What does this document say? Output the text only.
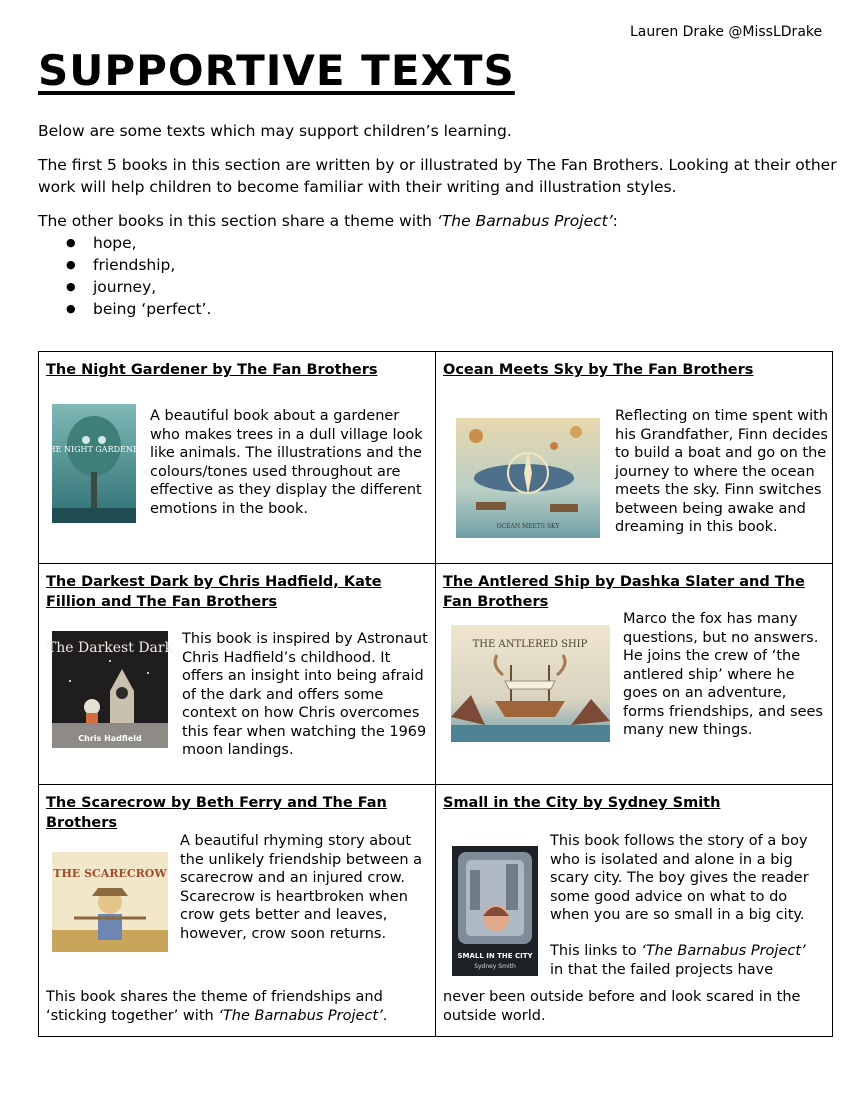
Lauren Drake @MissLDrake
SUPPORTIVE TEXTS

Below are some texts which may support children’s learning.

The first 5 books in this section are written by or illustrated by The Fan Brothers. Looking at their other work will help children to become familiar with their writing and illustration styles.

The other books in this section share a theme with ‘The Barnabus Project’:

● hope,
● friendship,
● journey,
● being ‘perfect’.
The Night Gardener by The Fan Brothers
THE NIGHT GARDENER
A beautiful book about a gardener who makes trees in a dull village look like animals. The illustrations and the colours/tones used throughout are effective as they display the different emotions in the book.
Ocean Meets Sky by The Fan Brothers
OCEAN MEETS SKY
Reflecting on time spent with his Grandfather, Finn decides to build a boat and go on the journey to where the ocean meets the sky. Finn switches between being awake and dreaming in this book.
The Darkest Dark by Chris Hadfield, Kate Fillion and The Fan Brothers
The Darkest Dark
Chris Hadfield
This book is inspired by Astronaut Chris Hadfield’s childhood. It offers an insight into being afraid of the dark and offers some context on how Chris overcomes this fear when watching the 1969 moon landings.
The Antlered Ship by Dashka Slater and The Fan Brothers
THE ANTLERED SHIP
Marco the fox has many questions, but no answers. He joins the crew of ‘the antlered ship’ where he goes on an adventure, forms friendships, and sees many new things.
The Scarecrow by Beth Ferry and The Fan Brothers
THE SCARECROW
A beautiful rhyming story about the unlikely friendship between a scarecrow and an injured crow. Scarecrow is heartbroken when crow gets better and leaves, however, crow soon returns.
This book shares the theme of friendships and ‘sticking together’ with ‘The Barnabus Project’.
Small in the City by Sydney Smith
SMALL IN THE CITY
Sydney Smith
This book follows the story of a boy who is isolated and alone in a big scary city. The boy gives the reader some good advice on what to do when you are so small in a big city.
This links to ‘The Barnabus Project’
in that the failed projects have
never been outside before and look scared in the outside world.
